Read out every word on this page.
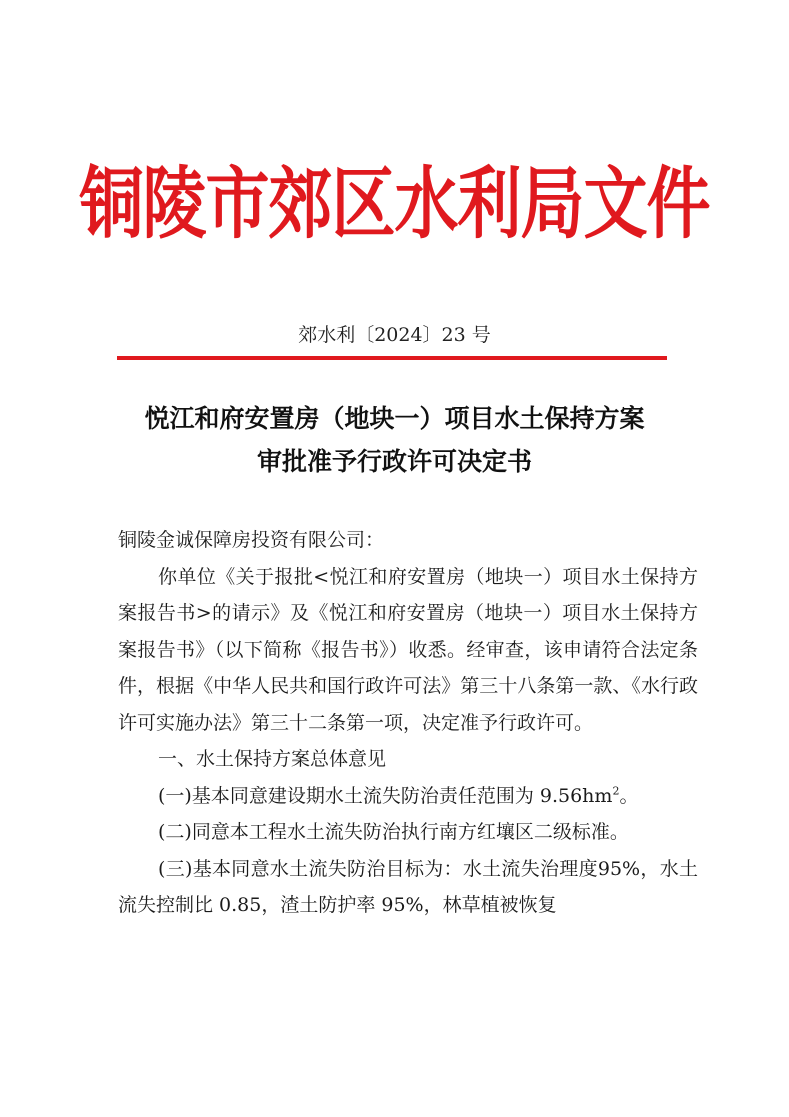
铜陵市郊区水利局文件
郊水利〔2024〕23 号
悦江和府安置房（地块一）项目水土保持方案
审批准予行政许可决定书

铜陵金诚保障房投资有限公司：

你单位《关于报批<悦江和府安置房（地块一）项目水土保持方案报告书>的请示》及《悦江和府安置房（地块一）项目水土保持方案报告书》（以下简称《报告书》）收悉。经审查，该申请符合法定条件，根据《中华人民共和国行政许可法》第三十八条第一款、《水行政许可实施办法》第三十二条第一项，决定准予行政许可。

一、水土保持方案总体意见

(一)基本同意建设期水土流失防治责任范围为 $9.56hm^2$。

(二)同意本工程水土流失防治执行南方红壤区二级标准。

(三)基本同意水土流失防治目标为：水土流失治理度95%，水土流失控制比 0.85，渣土防护率 95%，林草植被恢复
